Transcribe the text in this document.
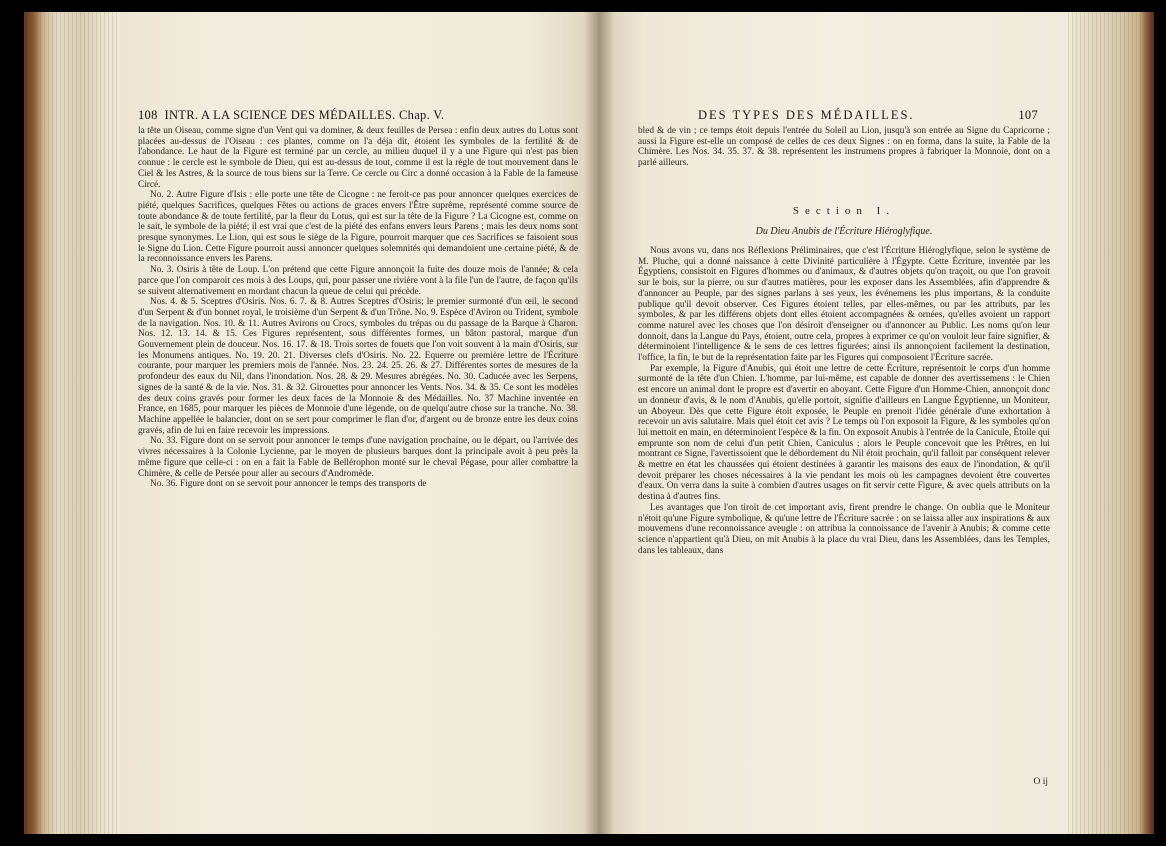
108 INTR. A LA SCIENCE DES MÉDAILLES. Chap. V.

la tête un Oiseau, comme signe d'un Vent qui va dominer, & deux feuilles de Persea : enfin deux autres du Lotus sont placées au-dessus de l'Oiseau : ces plantes, comme on l'a déja dit, étoient les symboles de la fertilité & de l'abondance. Le haut de la Figure est terminé par un cercle, au milieu duquel il y a une Figure qui n'est pas bien connue : le cercle est le symbole de Dieu, qui est au-dessus de tout, comme il est la règle de tout mouvement dans le Ciel & les Astres, & la source de tous biens sur la Terre. Ce cercle ou Circ a donné occasion à la Fable de la fameuse Circé.

No. 2. Autre Figure d'Isis : elle porte une tête de Cicogne : ne feroit-ce pas pour annoncer quelques exercices de piété, quelques Sacrifices, quelques Fêtes ou actions de graces envers l'Être suprême, représenté comme source de toute abondance & de toute fertilité, par la fleur du Lotus, qui est sur la tête de la Figure ? La Cicogne est, comme on le sait, le symbole de la piété; il est vrai que c'est de la piété des enfans envers leurs Parens ; mais les deux noms sont presque synonymes. Le Lion, qui est sous le siège de la Figure, pourroit marquer que ces Sacrifices se faisoient sous le Signe du Lion. Cette Figure pourroit aussi annoncer quelques solemnités qui demandoient une certaine piété, & de la reconnoissance envers les Parens.

No. 3. Osiris à tête de Loup. L'on prétend que cette Figure annonçoit la fuite des douze mois de l'année; & cela parce que l'on comparoit ces mois à des Loups, qui, pour passer une rivière vont à la file l'un de l'autre, de façon qu'ils se suivent alternativement en mordant chacun la queue de celui qui précède.

Nos. 4. & 5. Sceptres d'Osiris. Nos. 6. 7. & 8. Autres Sceptres d'Osiris; le premier surmonté d'un œil, le second d'un Serpent & d'un bonnet royal, le troisième d'un Serpent & d'un Trône. No. 9. Espèce d'Aviron ou Trident, symbole de la navigation. Nos. 10. & 11. Autres Avirons ou Crocs, symboles du trépas ou du passage de la Barque à Charon. Nos. 12. 13. 14. & 15. Ces Figures représentent, sous différentes formes, un bâton pastoral, marque d'un Gouvernement plein de douceur. Nos. 16. 17. & 18. Trois sortes de fouets que l'on voit souvent à la main d'Osiris, sur les Monumens antiques. No. 19. 20. 21. Diverses clefs d'Osiris. No. 22. Equerre ou première lettre de l'Écriture courante, pour marquer les premiers mois de l'année. Nos. 23. 24. 25. 26. & 27. Différentes sortes de mesures de la profondeur des eaux du Nil, dans l'inondation. Nos. 28. & 29. Mesures abrégées. No. 30. Caducée avec les Serpens, signes de la santé & de la vie. Nos. 31. & 32. Girouettes pour annoncer les Vents. Nos. 34. & 35. Ce sont les modèles des deux coins gravés pour former les deux faces de la Monnoie & des Médailles. No. 37 Machine inventée en France, en 1685, pour marquer les pièces de Monnoie d'une légende, ou de quelqu'autre chose sur la tranche. No. 38. Machine appellée le balancier, dont on se sert pour comprimer le flan d'or, d'argent ou de bronze entre les deux coins gravés, afin de lui en faire recevoir les impressions.

No. 33. Figure dont on se servoit pour annoncer le temps d'une navigation prochaine, ou le départ, ou l'arrivée des vivres nécessaires à la Colonie Lycienne, par le moyen de plusieurs barques dont la principale avoit à peu près la même figure que celle-ci : on en a fait la Fable de Bellérophon monté sur le cheval Pégase, pour aller combattre la Chimère, & celle de Persée pour aller au secours d'Andromède.

No. 36. Figure dont on se servoit pour annoncer le temps des transports de

DES TYPES DES MÉDAILLES.	107

bled & de vin ; ce temps étoit depuis l'entrée du Soleil au Lion, jusqu'à son entrée au Signe du Capricorne ; aussi la Figure est-elle un composé de celles de ces deux Signes : on en forma, dans la suite, la Fable de la Chimère. Les Nos. 34. 35. 37. & 38. représentent les instrumens propres à fabriquer la Monnoie, dont on a parlé ailleurs.

Section I.
Du Dieu Anubis de l'Écriture Hiéroglyfique.

Nous avons vu, dans nos Réflexions Préliminaires, que c'est l'Écriture Hiéroglyfique, selon le système de M. Pluche, qui a donné naissance à cette Divinité particulière à l'Égypte. Cette Écriture, inventée par les Égyptiens, consistoit en Figures d'hommes ou d'animaux, & d'autres objets qu'on traçoit, ou que l'on gravoit sur le bois, sur la pierre, ou sur d'autres matières, pour les exposer dans les Assemblées, afin d'apprendre & d'annoncer au Peuple, par des signes parlans à ses yeux, les événemens les plus importans, & la conduite publique qu'il devoit observer. Ces Figures étoient telles, par elles-mêmes, ou par les attributs, par les symboles, & par les différens objets dont elles étoient accompagnées & ornées, qu'elles avoient un rapport comme naturel avec les choses que l'on désiroit d'enseigner ou d'annoncer au Public. Les noms qu'on leur donnoit, dans la Langue du Pays, étoient, outre cela, propres à exprimer ce qu'on vouloit leur faire signifier, & déterminoient l'intelligence & le sens de ces lettres figurées; ainsi ils annonçoient facilement la destination, l'office, la fin, le but de la représentation faite par les Figures qui composoient l'Écriture sacrée.

Par exemple, la Figure d'Anubis, qui étoit une lettre de cette Écriture, représentoit le corps d'un homme surmonté de la tête d'un Chien. L'homme, par lui-même, est capable de donner des avertissemens : le Chien est encore un animal dont le propre est d'avertir en aboyant. Cette Figure d'un Homme-Chien, annonçoit donc un donneur d'avis, & le nom d'Anubis, qu'elle portoit, signifie d'ailleurs en Langue Égyptienne, un Moniteur, un Aboyeur. Dès que cette Figure étoit exposée, le Peuple en prenoit l'idée générale d'une exhortation à recevoir un avis salutaire. Mais quel étoit cet avis ? Le temps où l'on exposoit la Figure, & les symboles qu'on lui mettoit en main, en déterminoient l'espèce & la fin. On exposoit Anubis à l'entrée de la Canicule, Étoile qui emprunte son nom de celui d'un petit Chien, Caniculus ; alors le Peuple concevoit que les Prêtres, en lui montrant ce Signe, l'avertissoient que le débordement du Nil étoit prochain, qu'il falloit par conséquent relever & mettre en état les chaussées qui étoient destinées à garantir les maisons des eaux de l'inondation, & qu'il devoit préparer les choses nécessaires à la vie pendant les mois où les campagnes devoient être couvertes d'eaux. On verra dans la suite à combien d'autres usages on fit servir cette Figure, & avec quels attributs on la destina à d'autres fins.

Les avantages que l'on tiroit de cet important avis, firent prendre le change. On oublia que le Moniteur n'étoit qu'une Figure symbolique, & qu'une lettre de l'Écriture sacrée : on se laissa aller aux inspirations & aux mouvemens d'une reconnoissance aveugle : on attribua la connoissance de l'avenir à Anubis; & comme cette science n'appartient qu'à Dieu, on mit Anubis à la place du vrai Dieu, dans les Assemblées, dans les Temples, dans les tableaux, dans

O ij
